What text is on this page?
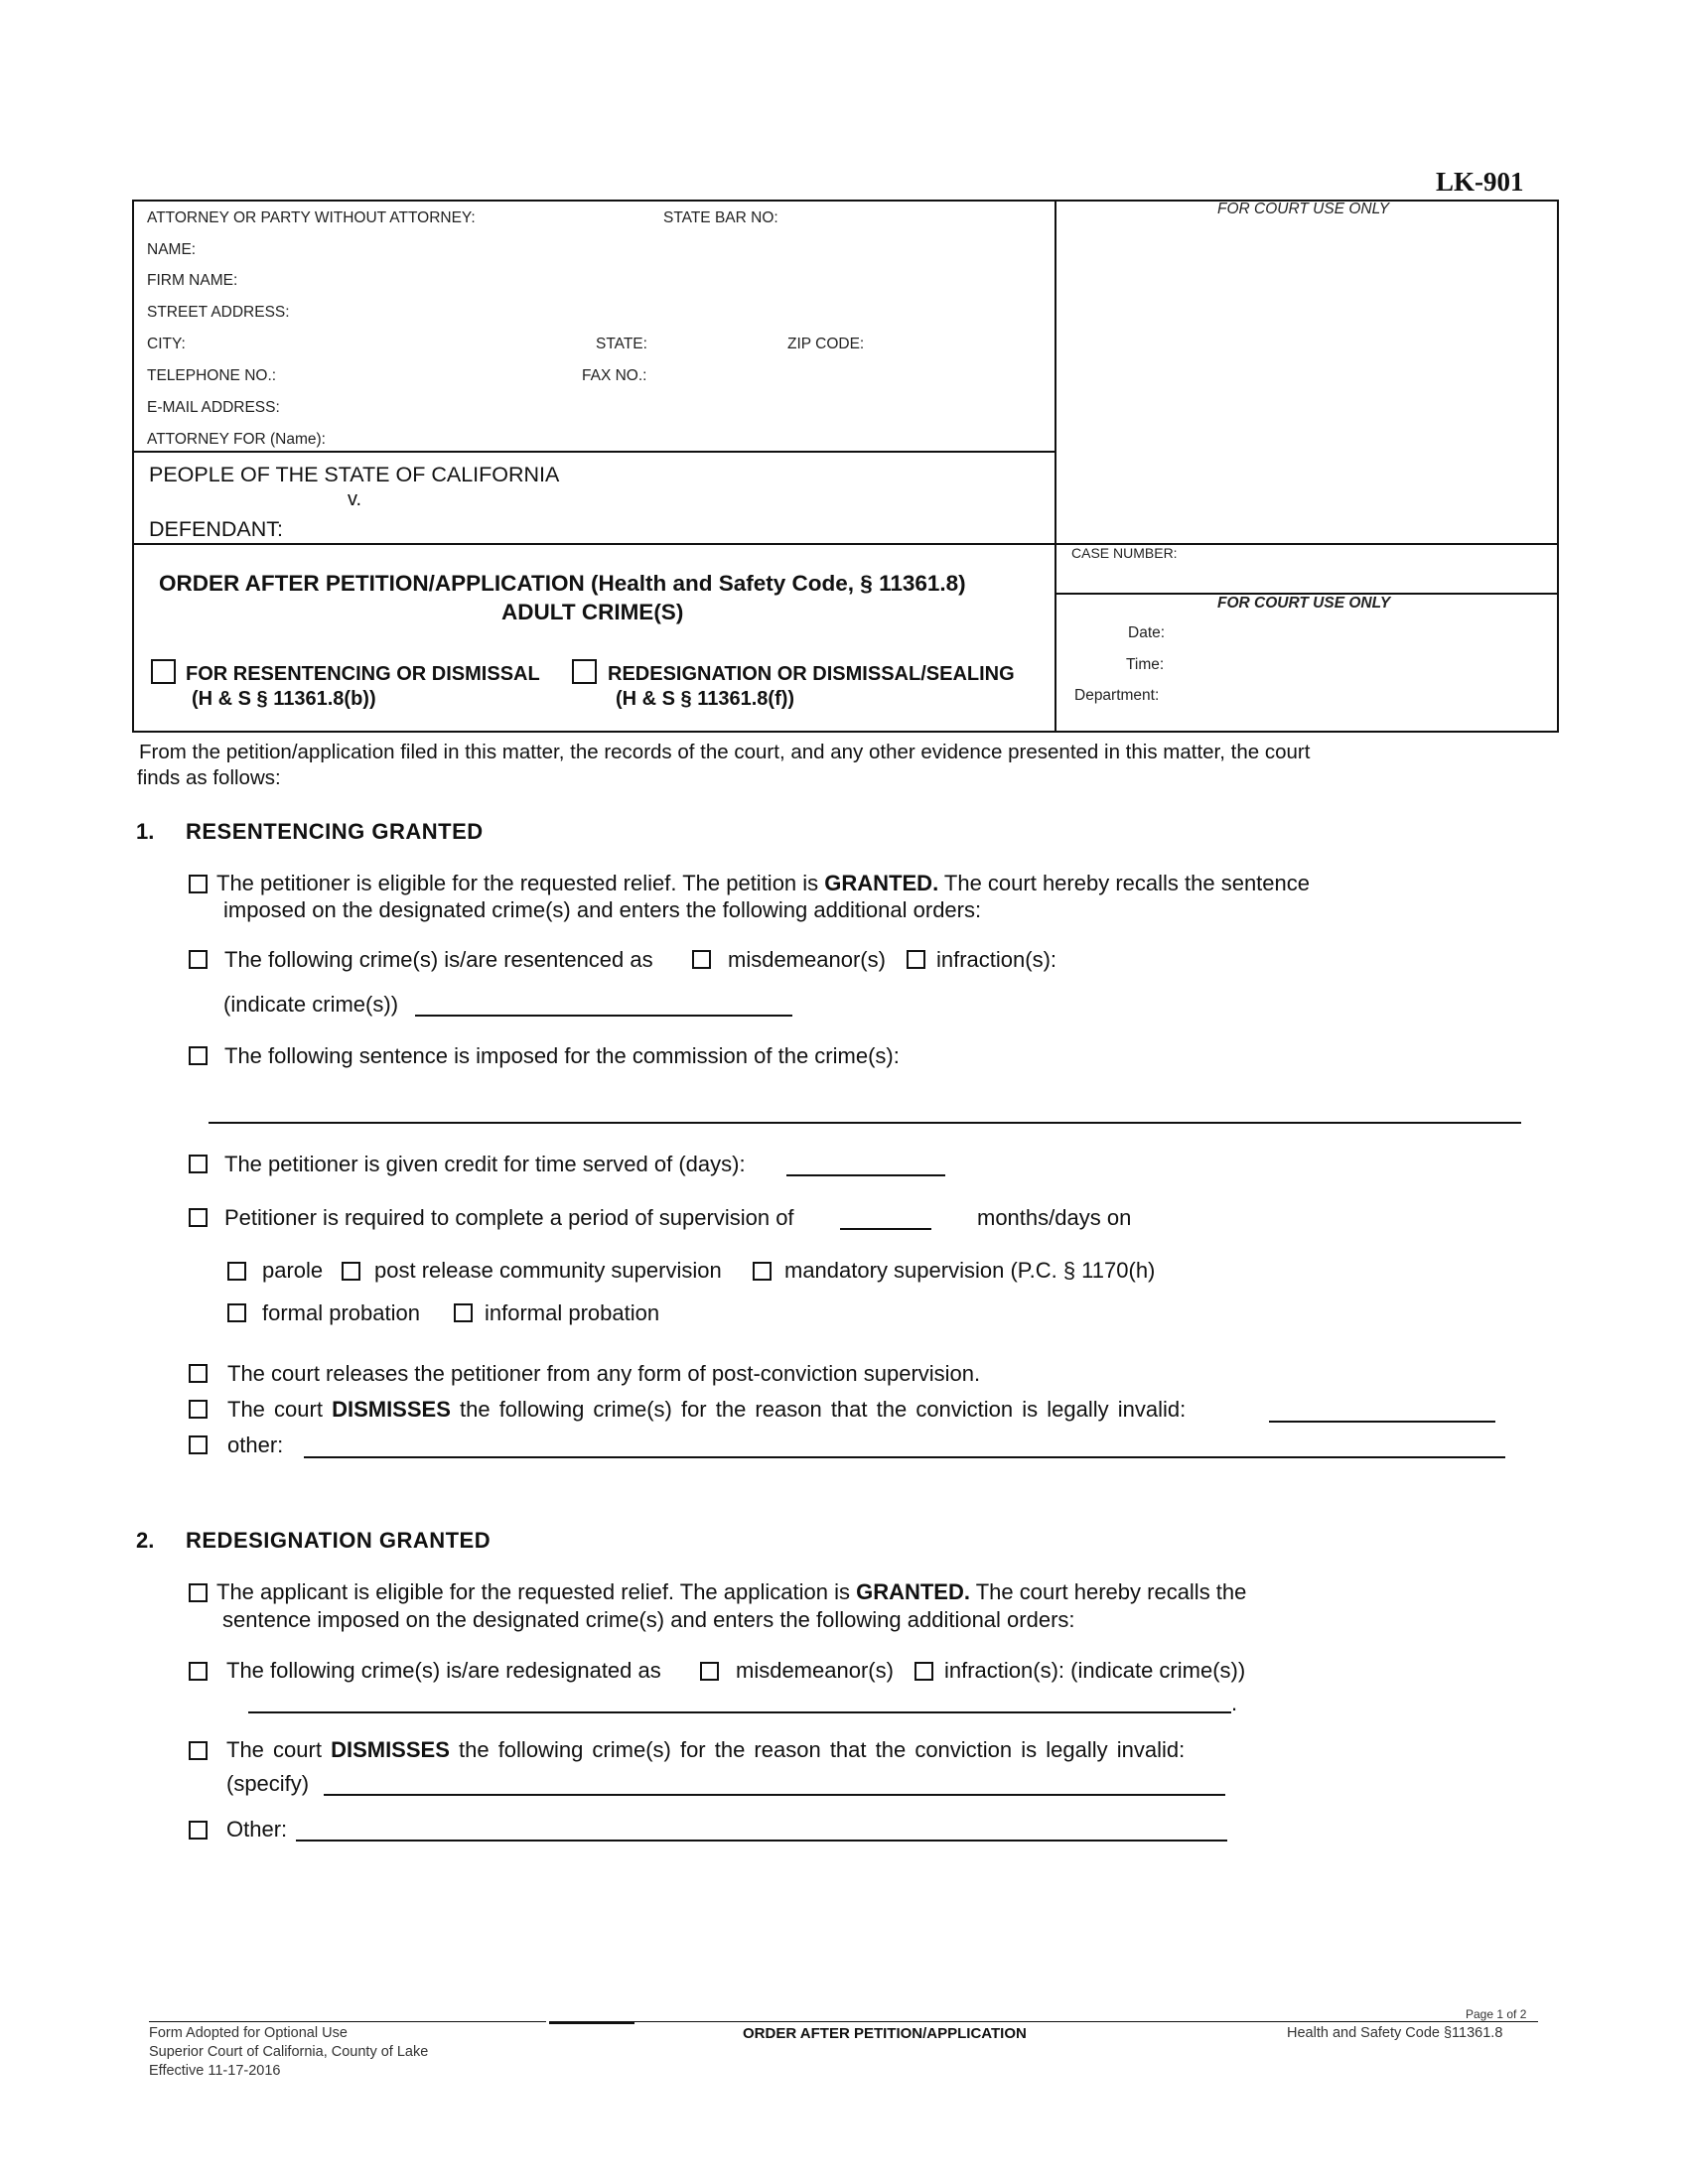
LK-901
ATTORNEY OR PARTY WITHOUT ATTORNEY:	STATE BAR NO:
NAME:
FIRM NAME:
STREET ADDRESS:
CITY:	STATE:	ZIP CODE:
TELEPHONE NO.:	FAX NO.:
E-MAIL ADDRESS:
ATTORNEY FOR (Name):
FOR COURT USE ONLY
PEOPLE OF THE STATE OF CALIFORNIA
v.
DEFENDANT:
CASE NUMBER:
FOR COURT USE ONLY
Date:
Time:
Department:
ORDER AFTER PETITION/APPLICATION (Health and Safety Code, § 11361.8)
ADULT CRIME(S)
FOR RESENTENCING OR DISMISSAL
(H & S § 11361.8(b))
REDESIGNATION OR DISMISSAL/SEALING
(H & S § 11361.8(f))
From the petition/application filed in this matter, the records of the court, and any other evidence presented in this matter, the court
finds as follows:
1. RESENTENCING GRANTED
The petitioner is eligible for the requested relief. The petition is GRANTED. The court hereby recalls the sentence
imposed on the designated crime(s) and enters the following additional orders:
The following crime(s) is/are resentenced as	misdemeanor(s) infraction(s):
(indicate crime(s))
The following sentence is imposed for the commission of the crime(s):
The petitioner is given credit for time served of (days):
Petitioner is required to complete a period of supervision of	months/days on
parole post release community supervision	mandatory supervision (P.C. § 1170(h)
formal probation	informal probation
The court releases the petitioner from any form of post-conviction supervision.
The court DISMISSES the following crime(s) for the reason that the conviction is legally invalid:
other:
2. REDESIGNATION GRANTED
The applicant is eligible for the requested relief. The application is GRANTED. The court hereby recalls the
sentence imposed on the designated crime(s) and enters the following additional orders:
The following crime(s) is/are redesignated as	misdemeanor(s) infraction(s): (indicate crime(s))
.
The court DISMISSES the following crime(s) for the reason that the conviction is legally invalid:
(specify)
Other:
Form Adopted for Optional Use
Superior Court of California, County of Lake
Effective 11-17-2016
ORDER AFTER PETITION/APPLICATION
Page 1 of 2
Health and Safety Code §11361.8
